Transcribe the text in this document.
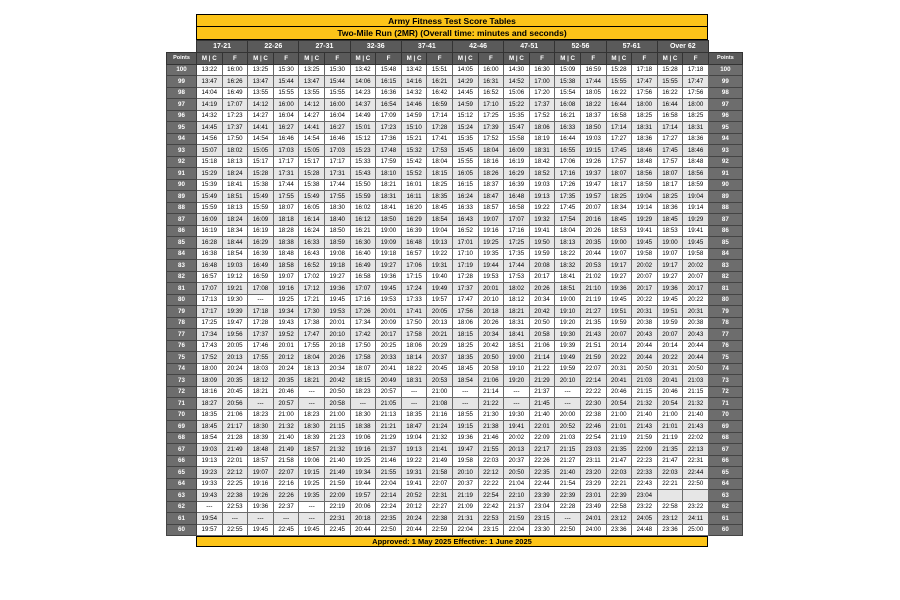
Army Fitness Test Score Tables
Two-Mile Run (2MR) (Overall time: minutes and seconds)
	17-21		22-26		27-31		32-36		37-41		42-46		47-51		52-56		57-61		Over 62		
Points	M | C	F	M | C	F	M | C	F	M | C	F	M | C	F	M | C	F	M | C	F	M | C	F	M | C	F	M | C	F	Points
100	13:22	16:00	13:25	15:30	13:25	15:30	13:42	15:48	13:42	15:51	14:05	16:00	14:30	16:30	15:09	16:59	15:28	17:18	15:28	17:18	100
99	13:47	16:26	13:47	15:44	13:47	15:44	14:06	16:15	14:16	16:21	14:29	16:31	14:52	17:00	15:38	17:44	15:55	17:47	15:55	17:47	99
98	14:04	16:49	13:55	15:55	13:55	15:55	14:23	16:36	14:32	16:42	14:45	16:52	15:06	17:20	15:54	18:05	16:22	17:56	16:22	17:56	98
97	14:19	17:07	14:12	16:00	14:12	16:00	14:37	16:54	14:46	16:59	14:59	17:10	15:22	17:37	16:08	18:22	16:44	18:00	16:44	18:00	97
96	14:32	17:23	14:27	16:04	14:27	16:04	14:49	17:09	14:59	17:14	15:12	17:25	15:35	17:52	16:21	18:37	16:58	18:25	16:58	18:25	96
95	14:45	17:37	14:41	16:27	14:41	16:27	15:01	17:23	15:10	17:28	15:24	17:39	15:47	18:06	16:33	18:50	17:14	18:31	17:14	18:31	95
94	14:56	17:50	14:54	16:46	14:54	16:46	15:12	17:36	15:21	17:41	15:35	17:52	15:58	18:19	16:44	19:03	17:27	18:36	17:27	18:36	94
93	15:07	18:02	15:05	17:03	15:05	17:03	15:23	17:48	15:32	17:53	15:45	18:04	16:09	18:31	16:55	19:15	17:45	18:46	17:45	18:46	93
92	15:18	18:13	15:17	17:17	15:17	17:17	15:33	17:59	15:42	18:04	15:55	18:16	16:19	18:42	17:06	19:26	17:57	18:48	17:57	18:48	92
91	15:29	18:24	15:28	17:31	15:28	17:31	15:43	18:10	15:52	18:15	16:05	18:26	16:29	18:52	17:16	19:37	18:07	18:56	18:07	18:56	91
90	15:39	18:41	15:38	17:44	15:38	17:44	15:50	18:21	16:01	18:25	16:15	18:37	16:39	19:03	17:26	19:47	18:17	18:59	18:17	18:59	90
89	15:49	18:51	15:49	17:55	15:49	17:55	15:59	18:31	16:11	18:35	16:24	18:47	16:48	19:13	17:35	19:57	18:25	19:04	18:25	19:04	89
88	15:59	18:13	15:59	18:07	16:05	18:30	16:02	18:41	16:20	18:45	16:33	18:57	16:58	19:22	17:45	20:07	18:34	19:14	18:36	19:14	88
87	16:09	18:24	16:09	18:18	16:14	18:40	16:12	18:50	16:29	18:54	16:43	19:07	17:07	19:32	17:54	20:16	18:45	19:29	18:45	19:29	87
86	16:19	18:34	16:19	18:28	16:24	18:50	16:21	19:00	16:39	19:04	16:52	19:16	17:16	19:41	18:04	20:26	18:53	19:41	18:53	19:41	86
85	16:28	18:44	16:29	18:38	16:33	18:59	16:30	19:09	16:48	19:13	17:01	19:25	17:25	19:50	18:13	20:35	19:00	19:45	19:00	19:45	85
84	16:38	18:54	16:39	18:48	16:43	19:08	16:40	19:18	16:57	19:22	17:10	19:35	17:35	19:59	18:22	20:44	19:07	19:58	19:07	19:58	84
83	16:48	19:03	16:49	18:58	16:52	19:18	16:49	19:27	17:06	19:31	17:19	19:44	17:44	20:08	18:32	20:53	19:17	20:02	19:17	20:02	83
82	16:57	19:12	16:59	19:07	17:02	19:27	16:58	19:36	17:15	19:40	17:28	19:53	17:53	20:17	18:41	21:02	19:27	20:07	19:27	20:07	82
81	17:07	19:21	17:08	19:16	17:12	19:36	17:07	19:45	17:24	19:49	17:37	20:01	18:02	20:26	18:51	21:10	19:36	20:17	19:36	20:17	81
80	17:13	19:30	---	19:25	17:21	19:45	17:16	19:53	17:33	19:57	17:47	20:10	18:12	20:34	19:00	21:19	19:45	20:22	19:45	20:22	80
79	17:17	19:39	17:18	19:34	17:30	19:53	17:26	20:01	17:41	20:05	17:56	20:18	18:21	20:42	19:10	21:27	19:51	20:31	19:51	20:31	79
78	17:25	19:47	17:28	19:43	17:38	20:01	17:34	20:09	17:50	20:13	18:06	20:26	18:31	20:50	19:20	21:35	19:59	20:38	19:59	20:38	78
77	17:34	19:56	17:37	19:52	17:47	20:10	17:42	20:17	17:58	20:21	18:15	20:34	18:41	20:58	19:30	21:43	20:07	20:43	20:07	20:43	77
76	17:43	20:05	17:46	20:01	17:55	20:18	17:50	20:25	18:06	20:29	18:25	20:42	18:51	21:06	19:39	21:51	20:14	20:44	20:14	20:44	76
75	17:52	20:13	17:55	20:12	18:04	20:26	17:58	20:33	18:14	20:37	18:35	20:50	19:00	21:14	19:49	21:59	20:22	20:44	20:22	20:44	75
74	18:00	20:24	18:03	20:24	18:13	20:34	18:07	20:41	18:22	20:45	18:45	20:58	19:10	21:22	19:59	22:07	20:31	20:50	20:31	20:50	74
73	18:09	20:35	18:12	20:35	18:21	20:42	18:15	20:49	18:31	20:53	18:54	21:06	19:20	21:29	20:10	22:14	20:41	21:03	20:41	21:03	73
72	18:16	20:45	18:21	20:46	---	20:50	18:23	20:57	---	21:00	---	21:14	---	21:37	---	22:22	20:46	21:15	20:46	21:15	72
71	18:27	20:56	---	20:57	---	20:58	---	21:05	---	21:08	---	21:22	---	21:45	---	22:30	20:54	21:32	20:54	21:32	71
70	18:35	21:06	18:23	21:00	18:23	21:00	18:30	21:13	18:35	21:16	18:55	21:30	19:30	21:40	20:00	22:38	21:00	21:40	21:00	21:40	70
69	18:45	21:17	18:30	21:32	18:30	21:15	18:38	21:21	18:47	21:24	19:15	21:38	19:41	22:01	20:52	22:46	21:01	21:43	21:01	21:43	69
68	18:54	21:28	18:39	21:40	18:39	21:23	19:06	21:29	19:04	21:32	19:36	21:46	20:02	22:09	21:03	22:54	21:19	21:59	21:19	22:02	68
67	19:03	21:49	18:48	21:49	18:57	21:32	19:16	21:37	19:13	21:41	19:47	21:55	20:13	22:17	21:15	23:03	21:35	22:09	21:35	22:13	67
66	19:13	22:01	18:57	21:58	19:06	21:40	19:25	21:46	19:22	21:49	19:58	22:03	20:37	22:26	21:27	23:11	21:47	22:23	21:47	22:31	66
65	19:23	22:12	19:07	22:07	19:15	21:49	19:34	21:55	19:31	21:58	20:10	22:12	20:50	22:35	21:40	23:20	22:03	22:33	22:03	22:44	65
64	19:33	22:25	19:16	22:16	19:25	21:59	19:44	22:04	19:41	22:07	20:37	22:22	21:04	22:44	21:54	23:29	22:21	22:43	22:21	22:50	64
63	19:43	22:38	19:26	22:26	19:35	22:09	19:57	22:14	20:52	22:31	21:19	22:54	22:10	23:39	22:39	23:01	22:39	23:04			63
62	---	22:53	19:36	22:37	---	22:19	20:06	22:24	20:12	22:27	21:09	22:42	21:37	23:04	22:28	23:49	22:58	23:22	22:58	23:22	62
61	19:54	---	---	---	---	22:31	20:18	22:35	20:24	22:38	21:31	22:53	21:59	23:15	---	24:01	23:12	24:05	23:12	24:11	61
60	19:57	22:55	19:45	22:45	19:45	22:45	20:44	22:50	20:44	22:59	22:04	23:15	22:04	23:30	22:50	24:00	23:36	24:48	23:36	25:00	60
Approved: 1 May 2025 Effective: 1 June 2025
